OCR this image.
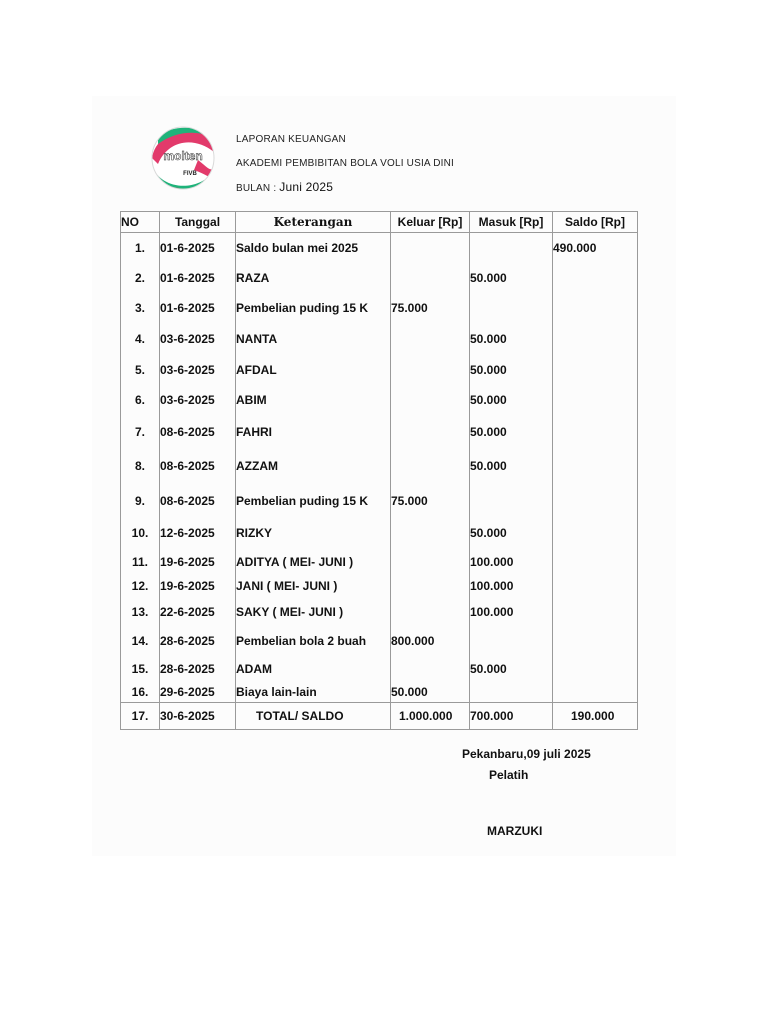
molten
FIVB
LAPORAN KEUANGAN
AKADEMI PEMBIBITAN BOLA VOLI USIA DINI
BULAN : Juni 2025
NO	Tanggal	Keterangan	Keluar [Rp]	Masuk [Rp]	Saldo [Rp]
1.	01-6-2025	Saldo bulan mei 2025			490.000
2.	01-6-2025	RAZA		50.000	
3.	01-6-2025	Pembelian puding 15 K	75.000		
4.	03-6-2025	NANTA		50.000	
5.	03-6-2025	AFDAL		50.000	
6.	03-6-2025	ABIM		50.000	
7.	08-6-2025	FAHRI		50.000	
8.	08-6-2025	AZZAM		50.000	
9.	08-6-2025	Pembelian puding 15 K	75.000		
10.	12-6-2025	RIZKY		50.000	
11.	19-6-2025	ADITYA ( MEI- JUNI )		100.000	
12.	19-6-2025	JANI ( MEI- JUNI )		100.000	
13.	22-6-2025	SAKY ( MEI- JUNI )		100.000	
14.	28-6-2025	Pembelian bola 2 buah	800.000		
15.	28-6-2025	ADAM		50.000	
16.	29-6-2025	Biaya lain-lain	50.000		
17.	30-6-2025	TOTAL/ SALDO	1.000.000	700.000	190.000
Pekanbaru,09 juli 2025
Pelatih
MARZUKI
